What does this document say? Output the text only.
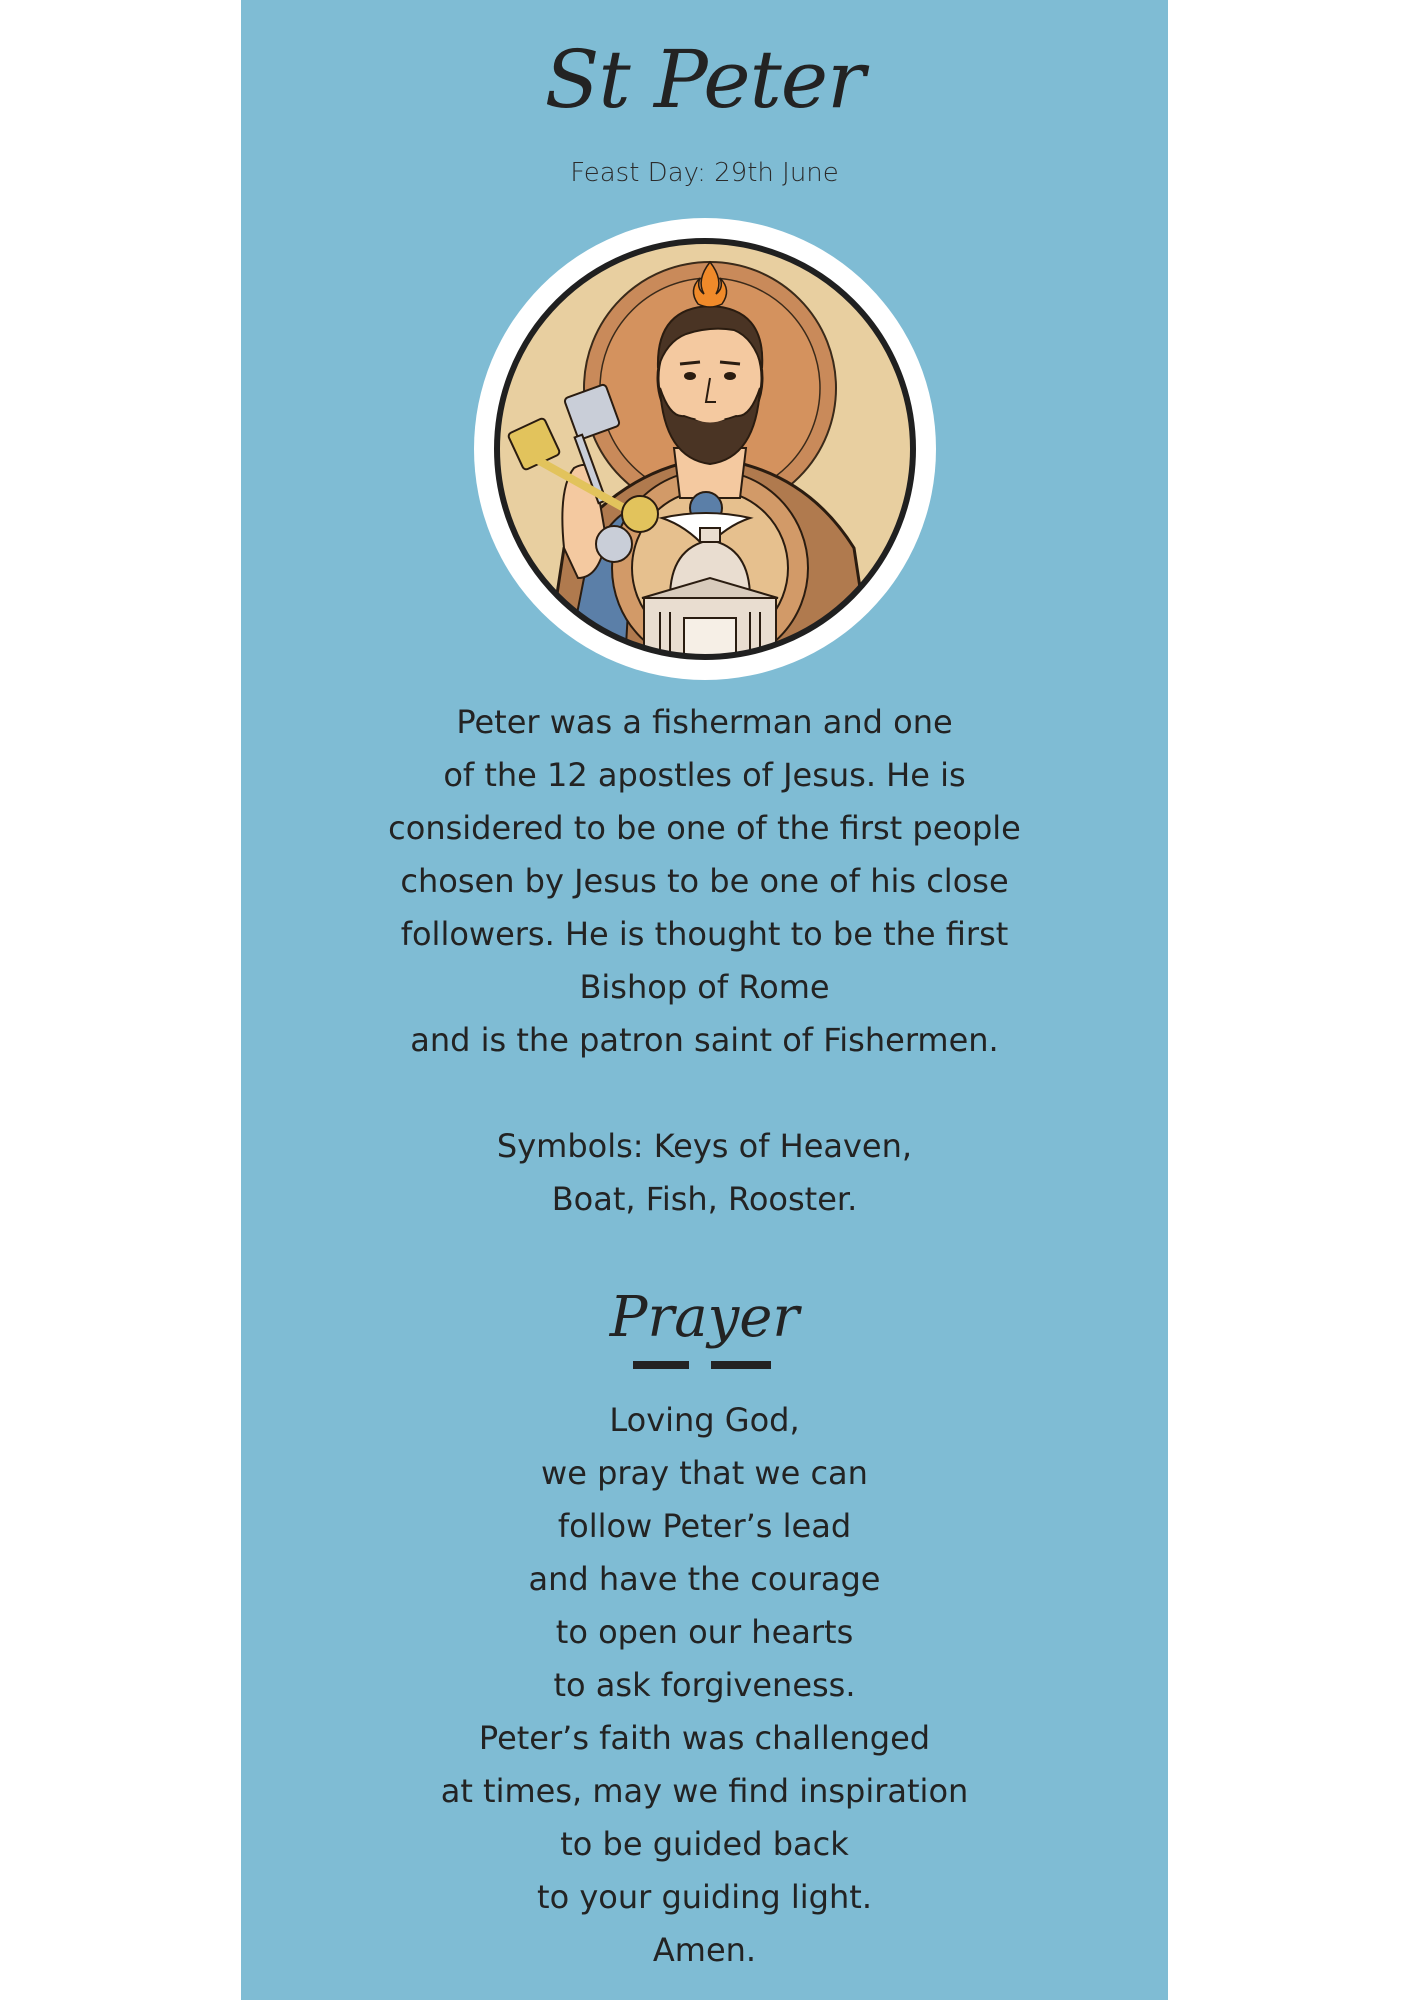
St Peter
Feast Day: 29th June
Peter was a fisherman and one
of the 12 apostles of Jesus. He is
considered to be one of the first people
chosen by Jesus to be one of his close
followers. He is thought to be the first
Bishop of Rome
and is the patron saint of Fishermen.

Symbols: Keys of Heaven,
Boat, Fish, Rooster.
Prayer
Loving God,
we pray that we can
follow Peter’s lead
and have the courage
to open our hearts
to ask forgiveness.
Peter’s faith was challenged
at times, may we find inspiration
to be guided back
to your guiding light.
Amen.
